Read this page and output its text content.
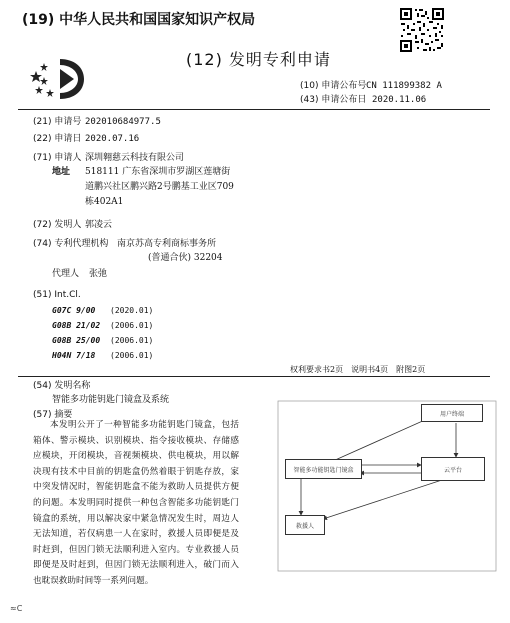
(19) 中华人民共和国国家知识产权局
(12) 发明专利申请
(10) 申请公布号 CN 111899382 A
(43) 申请公布日 2020.11.06
(21) 申请号 202010684977.5
(22) 申请日 2020.07.16
(71) 申请人 深圳翱慈云科技有限公司
地址 518111 广东省深圳市罗湖区莲塘街
道鹏兴社区鹏兴路2号鹏基工业区709
栋402A1
(72) 发明人 郭凌云
(74) 专利代理机构 南京苏高专利商标事务所
(普通合伙) 32204
代理人 张弛
(51) Int.Cl.
G07C 9/00 (2020.01)
G08B 21/02 (2006.01)
G08B 25/00 (2006.01)
H04N 7/18 (2006.01)
权利要求书2页　说明书4页　附图2页
(54) 发明名称
智能多功能钥匙门镜盒及系统
(57) 摘要
本发明公开了一种智能多功能钥匙门镜盒，包括箱体、警示模块、识别模块、指令接收模块、存储感应模块，开闭模块，音视频模块、供电模块，用以解决现有技术中目前的钥匙盒仍然着眼于钥匙存放，家中突发情况时，智能钥匙盒不能为救助人员提供方便的问题。本发明同时提供一种包含智能多功能钥匙门镜盒的系统，用以解决家中紧急情况发生时，周边人无法知道，若仅病患一人在家时，救援人员即便是及时赶到，但因门锁无法顺利进入室内。专业救援人员即便是及时赶到，但因门锁无法顺利进入，破门而入也耽误救助时间等一系列问题。
用户终端
智能多功能钥匙门镜盒	云平台
救援人
≈C
